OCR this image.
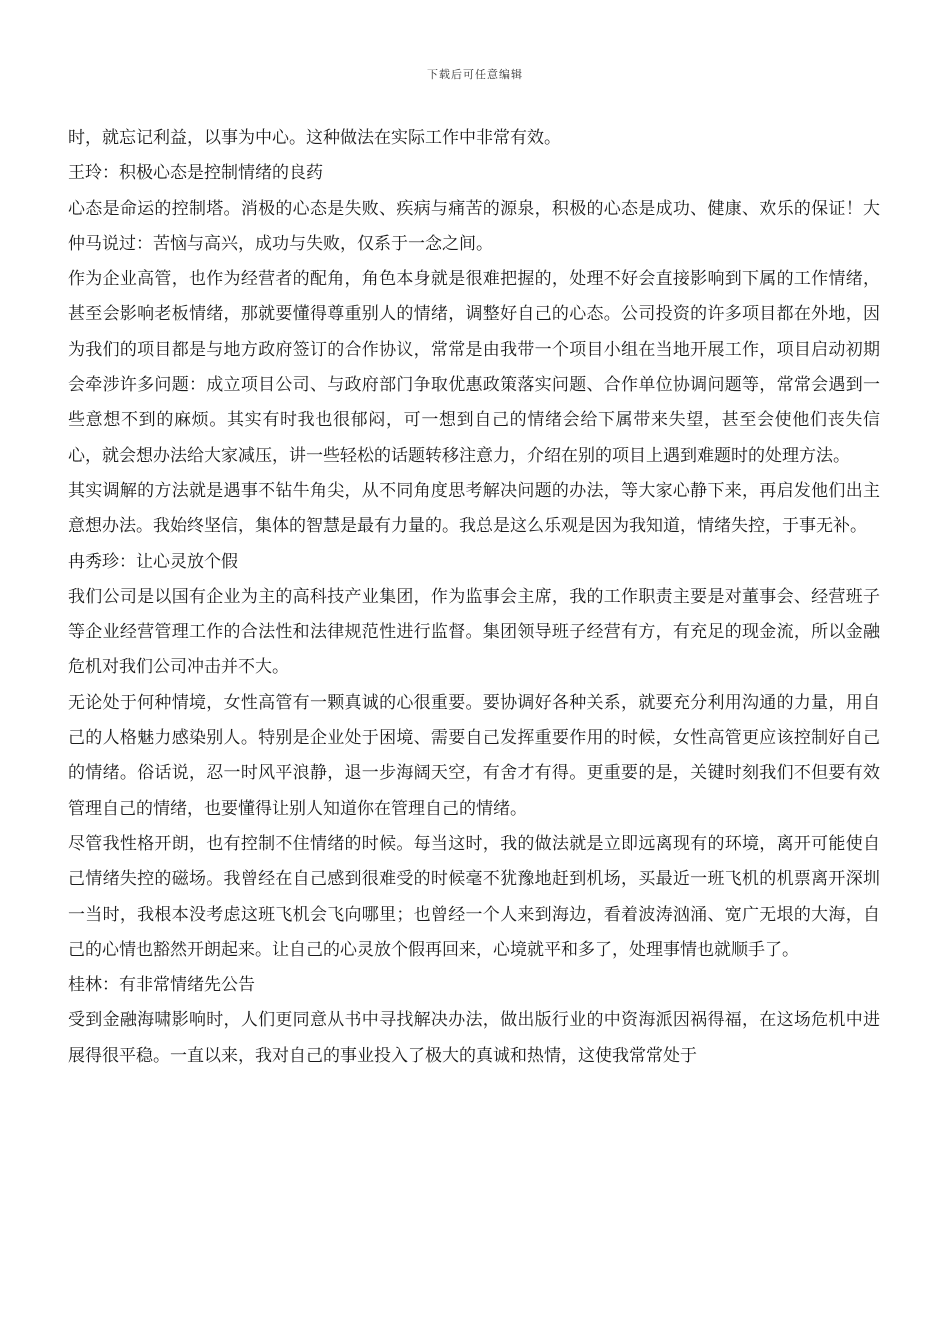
下载后可任意编辑

时，就忘记利益，以事为中心。这种做法在实际工作中非常有效。

王玲：积极心态是控制情绪的良药

心态是命运的控制塔。消极的心态是失败、疾病与痛苦的源泉，积极的心态是成功、健康、欢乐的保证！大仲马说过：苦恼与高兴，成功与失败，仅系于一念之间。

作为企业高管，也作为经营者的配角，角色本身就是很难把握的，处理不好会直接影响到下属的工作情绪，甚至会影响老板情绪，那就要懂得尊重别人的情绪，调整好自己的心态。公司投资的许多项目都在外地，因为我们的项目都是与地方政府签订的合作协议，常常是由我带一个项目小组在当地开展工作，项目启动初期会牵涉许多问题：成立项目公司、与政府部门争取优惠政策落实问题、合作单位协调问题等，常常会遇到一些意想不到的麻烦。其实有时我也很郁闷，可一想到自己的情绪会给下属带来失望，甚至会使他们丧失信心，就会想办法给大家减压，讲一些轻松的话题转移注意力，介绍在别的项目上遇到难题时的处理方法。

其实调解的方法就是遇事不钻牛角尖，从不同角度思考解决问题的办法，等大家心静下来，再启发他们出主意想办法。我始终坚信，集体的智慧是最有力量的。我总是这么乐观是因为我知道，情绪失控，于事无补。

冉秀珍：让心灵放个假

我们公司是以国有企业为主的高科技产业集团，作为监事会主席，我的工作职责主要是对董事会、经营班子等企业经营管理工作的合法性和法律规范性进行监督。集团领导班子经营有方，有充足的现金流，所以金融危机对我们公司冲击并不大。

无论处于何种情境，女性高管有一颗真诚的心很重要。要协调好各种关系，就要充分利用沟通的力量，用自己的人格魅力感染别人。特别是企业处于困境、需要自己发挥重要作用的时候，女性高管更应该控制好自己的情绪。俗话说，忍一时风平浪静，退一步海阔天空，有舍才有得。更重要的是，关键时刻我们不但要有效管理自己的情绪，也要懂得让别人知道你在管理自己的情绪。

尽管我性格开朗，也有控制不住情绪的时候。每当这时，我的做法就是立即远离现有的环境，离开可能使自己情绪失控的磁场。我曾经在自己感到很难受的时候毫不犹豫地赶到机场，买最近一班飞机的机票离开深圳一当时，我根本没考虑这班飞机会飞向哪里；也曾经一个人来到海边，看着波涛汹涌、宽广无垠的大海，自己的心情也豁然开朗起来。让自己的心灵放个假再回来，心境就平和多了，处理事情也就顺手了。

桂林：有非常情绪先公告

受到金融海啸影响时，人们更同意从书中寻找解决办法，做出版行业的中资海派因祸得福，在这场危机中进展得很平稳。一直以来，我对自己的事业投入了极大的真诚和热情，这使我常常处于
